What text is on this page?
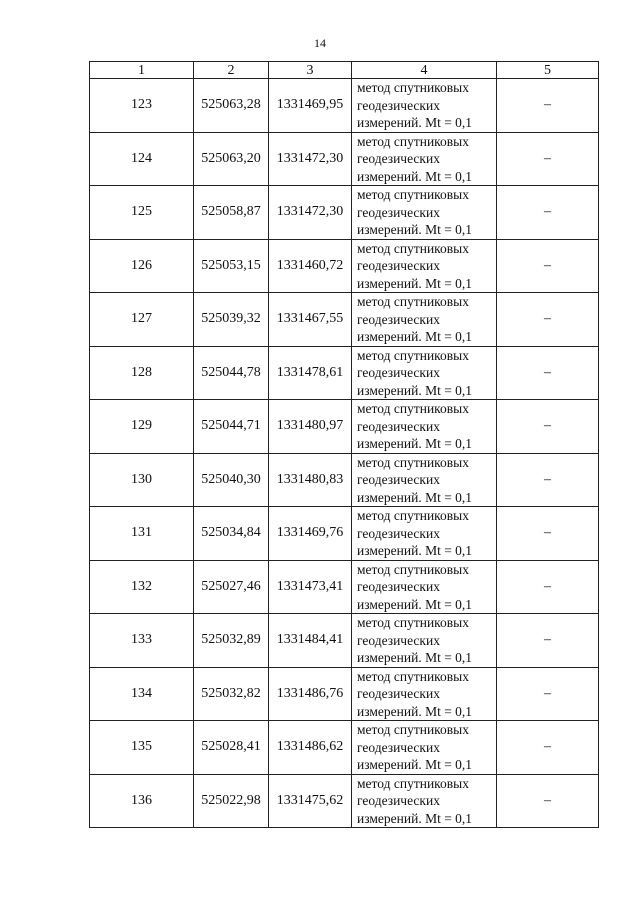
14
1	2	3	4	5
123	525063,28	1331469,95	метод спутниковых
геодезических
измерений. Mt = 0,1	–
124	525063,20	1331472,30	метод спутниковых
геодезических
измерений. Mt = 0,1	–
125	525058,87	1331472,30	метод спутниковых
геодезических
измерений. Mt = 0,1	–
126	525053,15	1331460,72	метод спутниковых
геодезических
измерений. Mt = 0,1	–
127	525039,32	1331467,55	метод спутниковых
геодезических
измерений. Mt = 0,1	–
128	525044,78	1331478,61	метод спутниковых
геодезических
измерений. Mt = 0,1	–
129	525044,71	1331480,97	метод спутниковых
геодезических
измерений. Mt = 0,1	–
130	525040,30	1331480,83	метод спутниковых
геодезических
измерений. Mt = 0,1	–
131	525034,84	1331469,76	метод спутниковых
геодезических
измерений. Mt = 0,1	–
132	525027,46	1331473,41	метод спутниковых
геодезических
измерений. Mt = 0,1	–
133	525032,89	1331484,41	метод спутниковых
геодезических
измерений. Mt = 0,1	–
134	525032,82	1331486,76	метод спутниковых
геодезических
измерений. Mt = 0,1	–
135	525028,41	1331486,62	метод спутниковых
геодезических
измерений. Mt = 0,1	–
136	525022,98	1331475,62	метод спутниковых
геодезических
измерений. Mt = 0,1	–
